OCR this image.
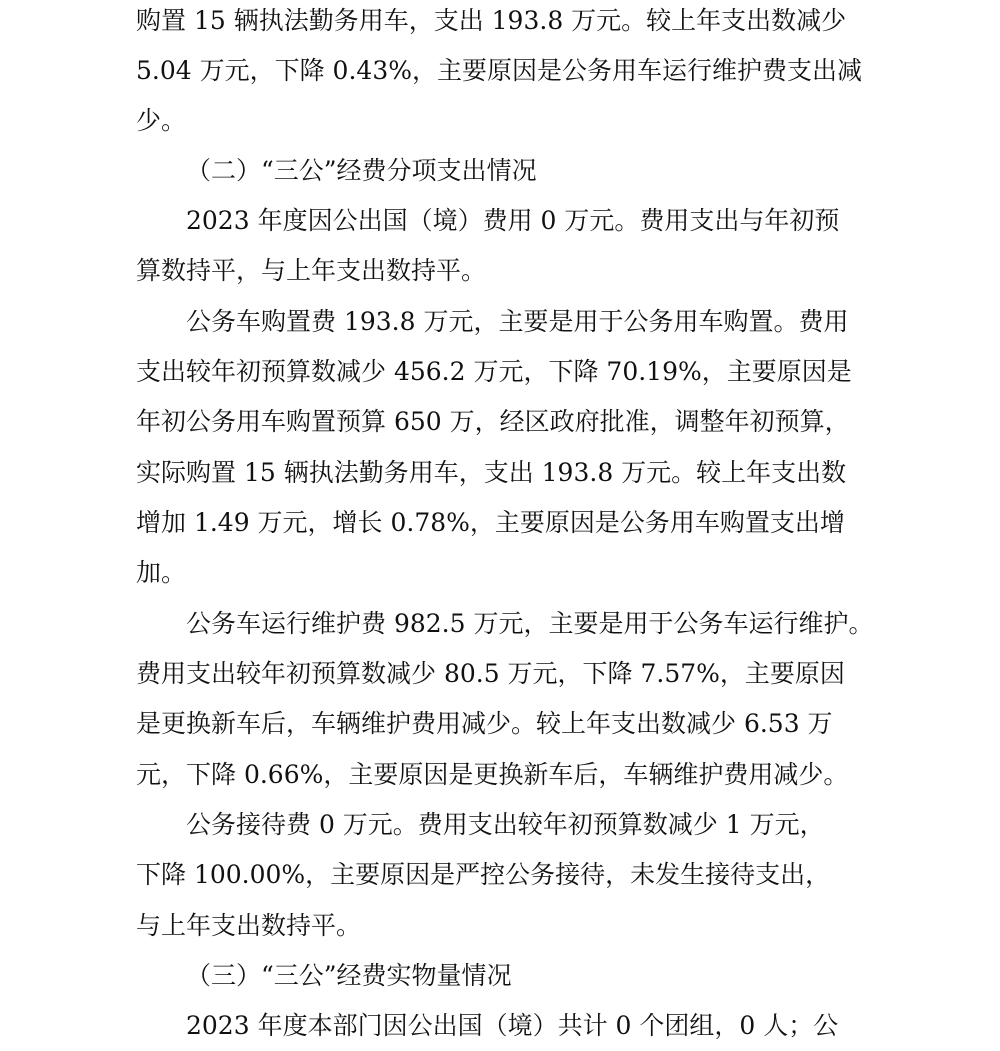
购置 15 辆执法勤务用车，支出 193.8 万元。较上年支出数减少
5.04 万元，下降 0.43%，主要原因是公务用车运行维护费支出减
少。
（二）“三公”经费分项支出情况
2023 年度因公出国（境）费用 0 万元。费用支出与年初预
算数持平，与上年支出数持平。
公务车购置费 193.8 万元，主要是用于公务用车购置。费用
支出较年初预算数减少 456.2 万元，下降 70.19%，主要原因是
年初公务用车购置预算 650 万，经区政府批准，调整年初预算，
实际购置 15 辆执法勤务用车，支出 193.8 万元。较上年支出数
增加 1.49 万元，增长 0.78%，主要原因是公务用车购置支出增
加。
公务车运行维护费 982.5 万元，主要是用于公务车运行维护。
费用支出较年初预算数减少 80.5 万元，下降 7.57%，主要原因
是更换新车后，车辆维护费用减少。较上年支出数减少 6.53 万
元，下降 0.66%，主要原因是更换新车后，车辆维护费用减少。
公务接待费 0 万元。费用支出较年初预算数减少 1 万元，
下降 100.00%，主要原因是严控公务接待，未发生接待支出，
与上年支出数持平。
（三）“三公”经费实物量情况
2023 年度本部门因公出国（境）共计 0 个团组，0 人；公
